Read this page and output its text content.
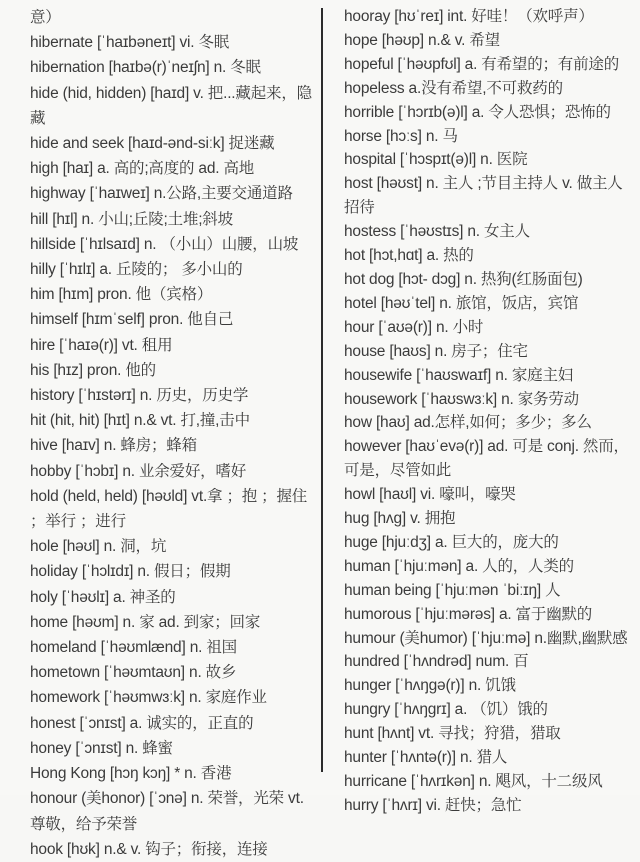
意）

hibernate [ˈhaɪbəneɪt] vi. 冬眠

hibernation [haɪbə(r)ˈneɪʃn] n. 冬眠

hide (hid, hidden) [haɪd] v. 把...藏起来，隐藏

hide and seek [haɪd-ənd-siːk] 捉迷藏

high [haɪ] a. 高的;高度的 ad. 高地

highway [ˈhaɪweɪ] n.公路,主要交通道路

hill [hɪl] n. 小山;丘陵;土堆;斜坡

hillside [ˈhɪlsaɪd] n. （小山）山腰，山坡

hilly [ˈhɪlɪ] a. 丘陵的； 多小山的

him [hɪm] pron. 他（宾格）

himself [hɪmˈself] pron. 他自己

hire [ˈhaɪə(r)] vt. 租用

his [hɪz] pron. 他的

history [ˈhɪstərɪ] n. 历史，历史学

hit (hit, hit) [hɪt] n.& vt. 打,撞,击中

hive [haɪv] n. 蜂房；蜂箱

hobby [ˈhɔbɪ] n. 业余爱好，嗜好

hold (held, held) [həʊld] vt.拿 ；抱 ；握住 ；举行 ；进行

hole [həʊl] n. 洞，坑

holiday [ˈhɔlɪdɪ] n. 假日；假期

holy [ˈhəʊlɪ] a. 神圣的

home [həʊm] n. 家 ad. 到家；回家

homeland [ˈhəʊmlænd] n. 祖国

hometown [ˈhəʊmtaʊn] n. 故乡

homework [ˈhəʊmwɜːk] n. 家庭作业

honest [ˈɔnɪst] a. 诚实的，正直的

honey [ˈɔnɪst] n. 蜂蜜

Hong Kong [hɔŋ kɔŋ] * n. 香港

honour (美honor) [ˈɔnə] n. 荣誉，光荣 vt. 尊敬，给予荣誉

hook [hʊk] n.& v. 钩子；衔接，连接

hooray [hʊˈreɪ] int. 好哇！（欢呼声）

hope [həʊp] n.& v. 希望

hopeful [ˈhəʊpfʊl] a. 有希望的；有前途的

hopeless a.没有希望,不可救药的

horrible [ˈhɔrɪb(ə)l] a. 令人恐惧；恐怖的

horse [hɔːs] n. 马

hospital [ˈhɔspɪt(ə)l] n. 医院

host [həʊst] n. 主人 ;节目主持人 v. 做主人招待

hostess [ˈhəʊstɪs] n. 女主人

hot [hɔt,hɑt] a. 热的

hot dog [hɔt- dɔg] n. 热狗(红肠面包)

hotel [həʊˈtel] n. 旅馆，饭店，宾馆

hour [ˈaʊə(r)] n. 小时

house [haʊs] n. 房子；住宅

housewife [ˈhaʊswaɪf] n. 家庭主妇

housework [ˈhaʊswɜːk] n. 家务劳动

how [haʊ] ad.怎样,如何；多少；多么

however [haʊˈevə(r)] ad. 可是 conj. 然而，可是，尽管如此

howl [haʊl] vi. 嚎叫，嚎哭

hug [hʌg] v. 拥抱

huge [hjuːdʒ] a. 巨大的，庞大的

human [ˈhjuːmən] a. 人的，人类的

human being [ˈhjuːmən ˈbiːɪŋ] 人

humorous [ˈhjuːmərəs] a. 富于幽默的

humour (美humor) [ˈhjuːmə] n.幽默,幽默感

hundred [ˈhʌndrəd] num. 百

hunger [ˈhʌŋgə(r)] n. 饥饿

hungry [ˈhʌŋgrɪ] a. （饥）饿的

hunt [hʌnt] vt. 寻找；狩猎，猎取

hunter [ˈhʌntə(r)] n. 猎人

hurricane [ˈhʌrɪkən] n. 飓风，十二级风

hurry [ˈhʌrɪ] vi. 赶快；急忙
